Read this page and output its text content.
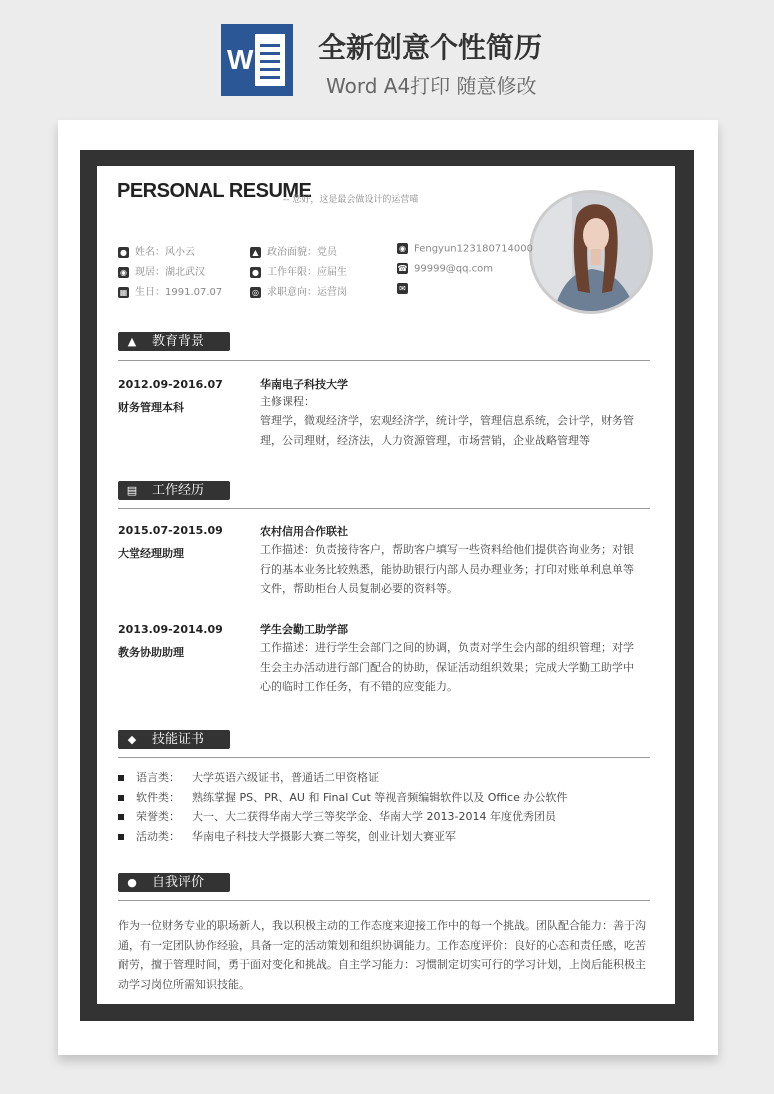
W 全新创意个性简历
Word A4打印 随意修改
PERSONAL RESUME
-- 您好，这是最会做设计的运营喵
● 姓名：风小云
◉ 现居：湖北武汉
▦ 生日：1991.07.07
▲ 政治面貌：党员
● 工作年限：应届生
◎ 求职意向：运营岗
◉ Fengyun123180714000
☎ 99999@qq.com
✉
▲ 教育背景
2012.09-2016.07
财务管理本科
华南电子科技大学
主修课程：
管理学，微观经济学，宏观经济学，统计学，管理信息系统，会计学，财务管
理，公司理财，经济法，人力资源管理，市场营销，企业战略管理等
▤ 工作经历
2015.07-2015.09
大堂经理助理
农村信用合作联社
工作描述：负责接待客户，帮助客户填写一些资料给他们提供咨询业务；对银
行的基本业务比较熟悉，能协助银行内部人员办理业务；打印对账单利息单等
文件，帮助柜台人员复制必要的资料等。
2013.09-2014.09
教务协助助理
学生会勤工助学部
工作描述：进行学生会部门之间的协调，负责对学生会内部的组织管理；对学
生会主办活动进行部门配合的协助，保证活动组织效果；完成大学勤工助学中
心的临时工作任务，有不错的应变能力。
◆ 技能证书
语言类： 大学英语六级证书，普通话二甲资格证
软件类： 熟练掌握 PS、PR、AU 和 Final Cut 等视音频编辑软件以及 Office 办公软件
荣誉类： 大一、大二获得华南大学三等奖学金、华南大学 2013-2014 年度优秀团员
活动类： 华南电子科技大学摄影大赛二等奖，创业计划大赛亚军
● 自我评价
作为一位财务专业的职场新人，我以积极主动的工作态度来迎接工作中的每一个挑战。团队配合能力：善于沟通，有一定团队协作经验，具备一定的活动策划和组织协调能力。工作态度评价：良好的心态和责任感，吃苦耐劳，擅于管理时间，勇于面对变化和挑战。自主学习能力：习惯制定切实可行的学习计划，上岗后能积极主动学习岗位所需知识技能。
